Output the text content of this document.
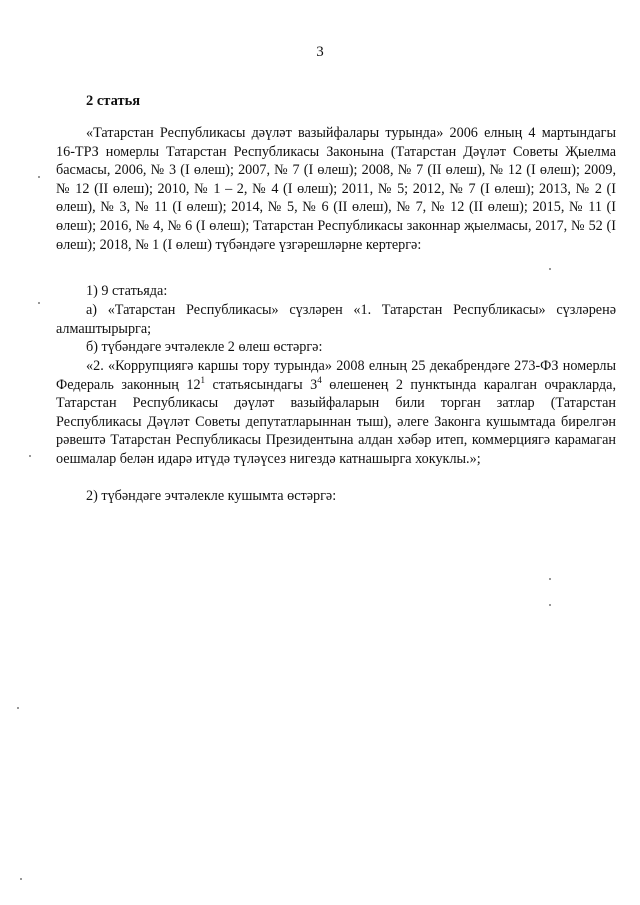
3
2 статья
«Татарстан Республикасы дәүләт вазыйфалары турында» 2006 елның 4 мартындагы 16-ТРЗ номерлы Татарстан Республикасы Законына (Татарстан Дәүләт Советы Җыелма басмасы, 2006, № 3 (I өлеш); 2007, № 7 (I өлеш); 2008, № 7 (II өлеш), № 12 (I өлеш); 2009, № 12 (II өлеш); 2010, № 1 – 2, № 4 (I өлеш); 2011, № 5; 2012, № 7 (I өлеш); 2013, № 2 (I өлеш), № 3, № 11 (I өлеш); 2014, № 5, № 6 (II өлеш), № 7, № 12 (II өлеш); 2015, № 11 (I өлеш); 2016, № 4, № 6 (I өлеш); Татарстан Республикасы законнар җыелмасы, 2017, № 52 (I өлеш); 2018, № 1 (I өлеш) түбәндәге үзгәрешләрне кертергә:
1) 9 статьяда:
а) «Татарстан Республикасы» сүзләрен «1. Татарстан Республикасы» сүзләренә алмаштырырга;
б) түбәндәге эчтәлекле 2 өлеш өстәргә:
«2. «Коррупциягә каршы тору турында» 2008 елның 25 декабрендәге 273-ФЗ номерлы Федераль законның $12^1$ статьясындагы $3^4$ өлешенең 2 пунктында каралган очракларда, Татарстан Республикасы дәүләт вазыйфаларын били торган затлар (Татарстан Республикасы Дәүләт Советы депутатларыннан тыш), әлеге Законга кушымтада бирелгән рәвештә Татарстан Республикасы Президентына алдан хәбәр итеп, коммерциягә карамаган оешмалар белән идарә итүдә түләүсез нигездә катнашырга хокуклы.»;
2) түбәндәге эчтәлекле кушымта өстәргә:
